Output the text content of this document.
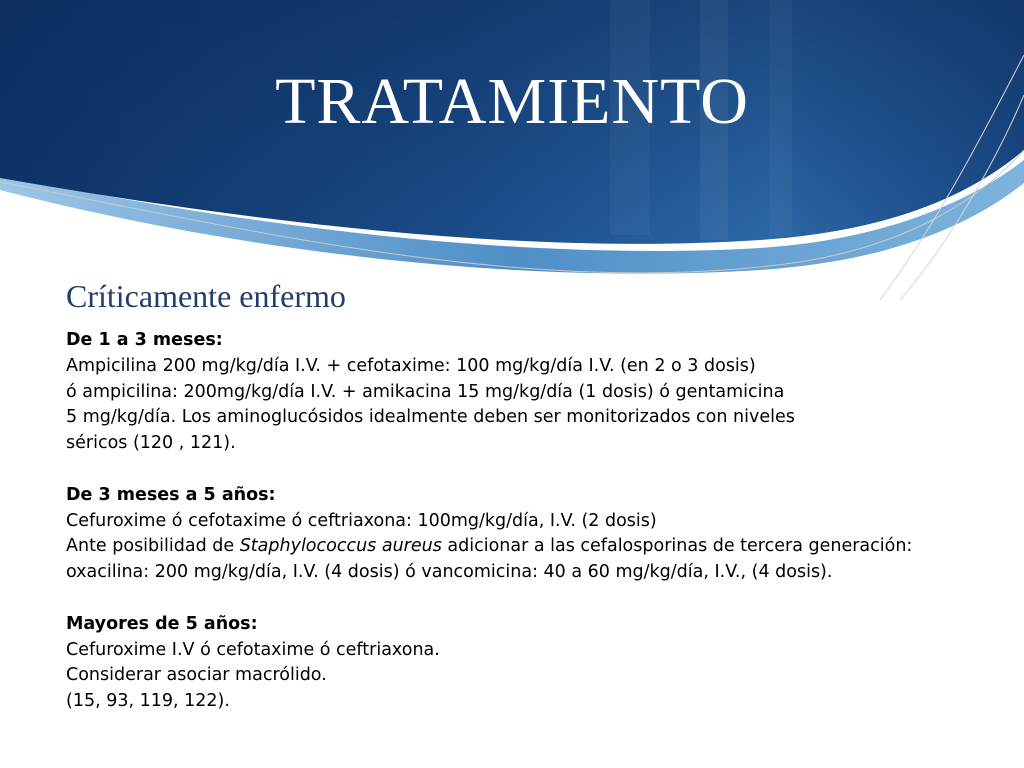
TRATAMIENTO
Críticamente enfermo
De 1 a 3 meses:
Ampicilina 200 mg/kg/día I.V. + cefotaxime: 100 mg/kg/día I.V. (en 2 o 3 dosis)
ó ampicilina: 200mg/kg/día I.V. + amikacina 15 mg/kg/día (1 dosis) ó gentamicina
5 mg/kg/día. Los aminoglucósidos idealmente deben ser monitorizados con niveles
séricos (120 , 121).
De 3 meses a 5 años:
Cefuroxime ó cefotaxime ó ceftriaxona: 100mg/kg/día, I.V. (2 dosis)
Ante posibilidad de Staphylococcus aureus adicionar a las cefalosporinas de tercera generación:
oxacilina: 200 mg/kg/día, I.V. (4 dosis) ó vancomicina: 40 a 60 mg/kg/día, I.V., (4 dosis).
Mayores de 5 años:
Cefuroxime I.V ó cefotaxime ó ceftriaxona.
Considerar asociar macrólido.
(15, 93, 119, 122).
